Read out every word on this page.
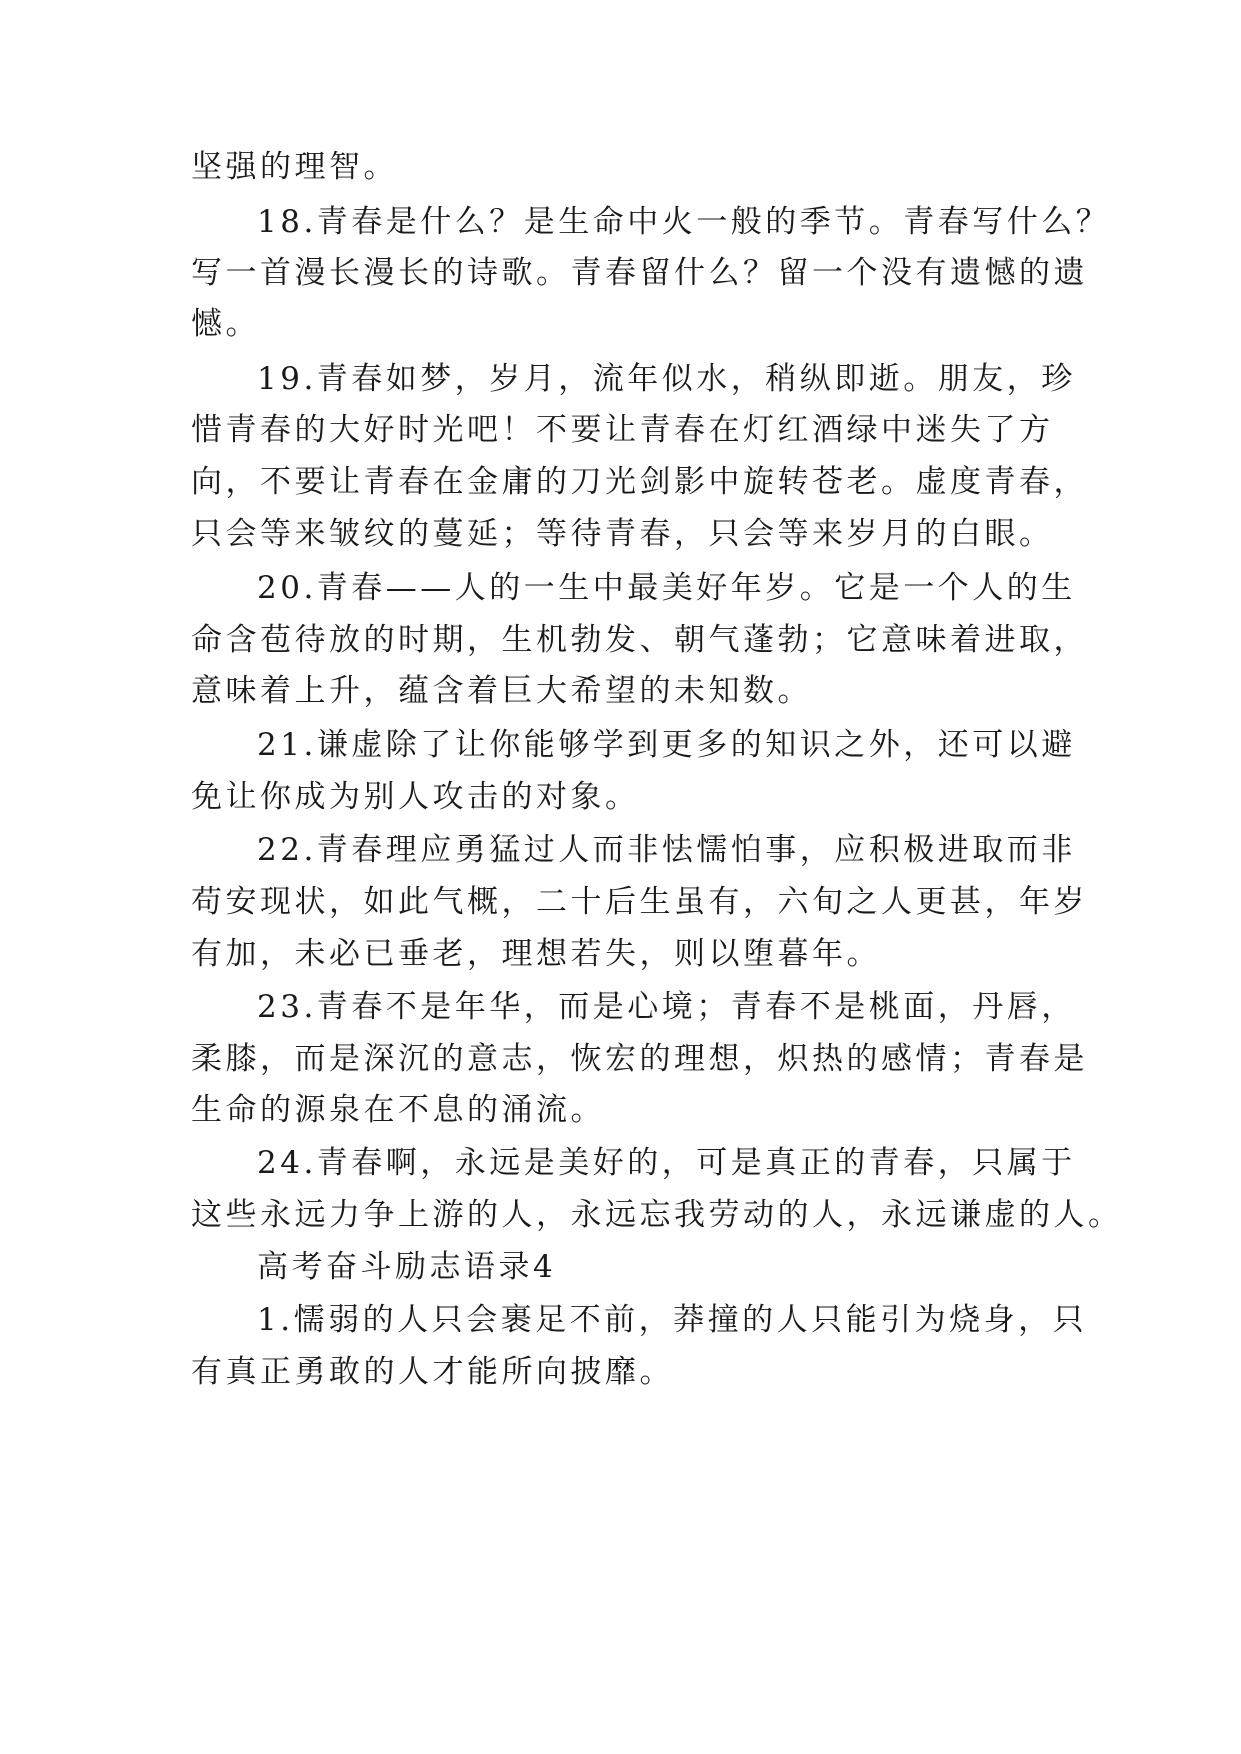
坚强的理智。
18.青春是什么？是生命中火一般的季节。青春写什么？
写一首漫长漫长的诗歌。青春留什么？留一个没有遗憾的遗
憾。
19.青春如梦，岁月，流年似水，稍纵即逝。朋友，珍
惜青春的大好时光吧！不要让青春在灯红酒绿中迷失了方
向，不要让青春在金庸的刀光剑影中旋转苍老。虚度青春，
只会等来皱纹的蔓延；等待青春，只会等来岁月的白眼。
20.青春——人的一生中最美好年岁。它是一个人的生
命含苞待放的时期，生机勃发、朝气蓬勃；它意味着进取，
意味着上升，蕴含着巨大希望的未知数。
21.谦虚除了让你能够学到更多的知识之外，还可以避
免让你成为别人攻击的对象。
22.青春理应勇猛过人而非怯懦怕事，应积极进取而非
苟安现状，如此气概，二十后生虽有，六旬之人更甚，年岁
有加，未必已垂老，理想若失，则以堕暮年。
23.青春不是年华，而是心境；青春不是桃面，丹唇，
柔膝，而是深沉的意志，恢宏的理想，炽热的感情；青春是
生命的源泉在不息的涌流。
24.青春啊，永远是美好的，可是真正的青春，只属于
这些永远力争上游的人，永远忘我劳动的人，永远谦虚的人。
高考奋斗励志语录4
1.懦弱的人只会裹足不前，莽撞的人只能引为烧身，只
有真正勇敢的人才能所向披靡。
